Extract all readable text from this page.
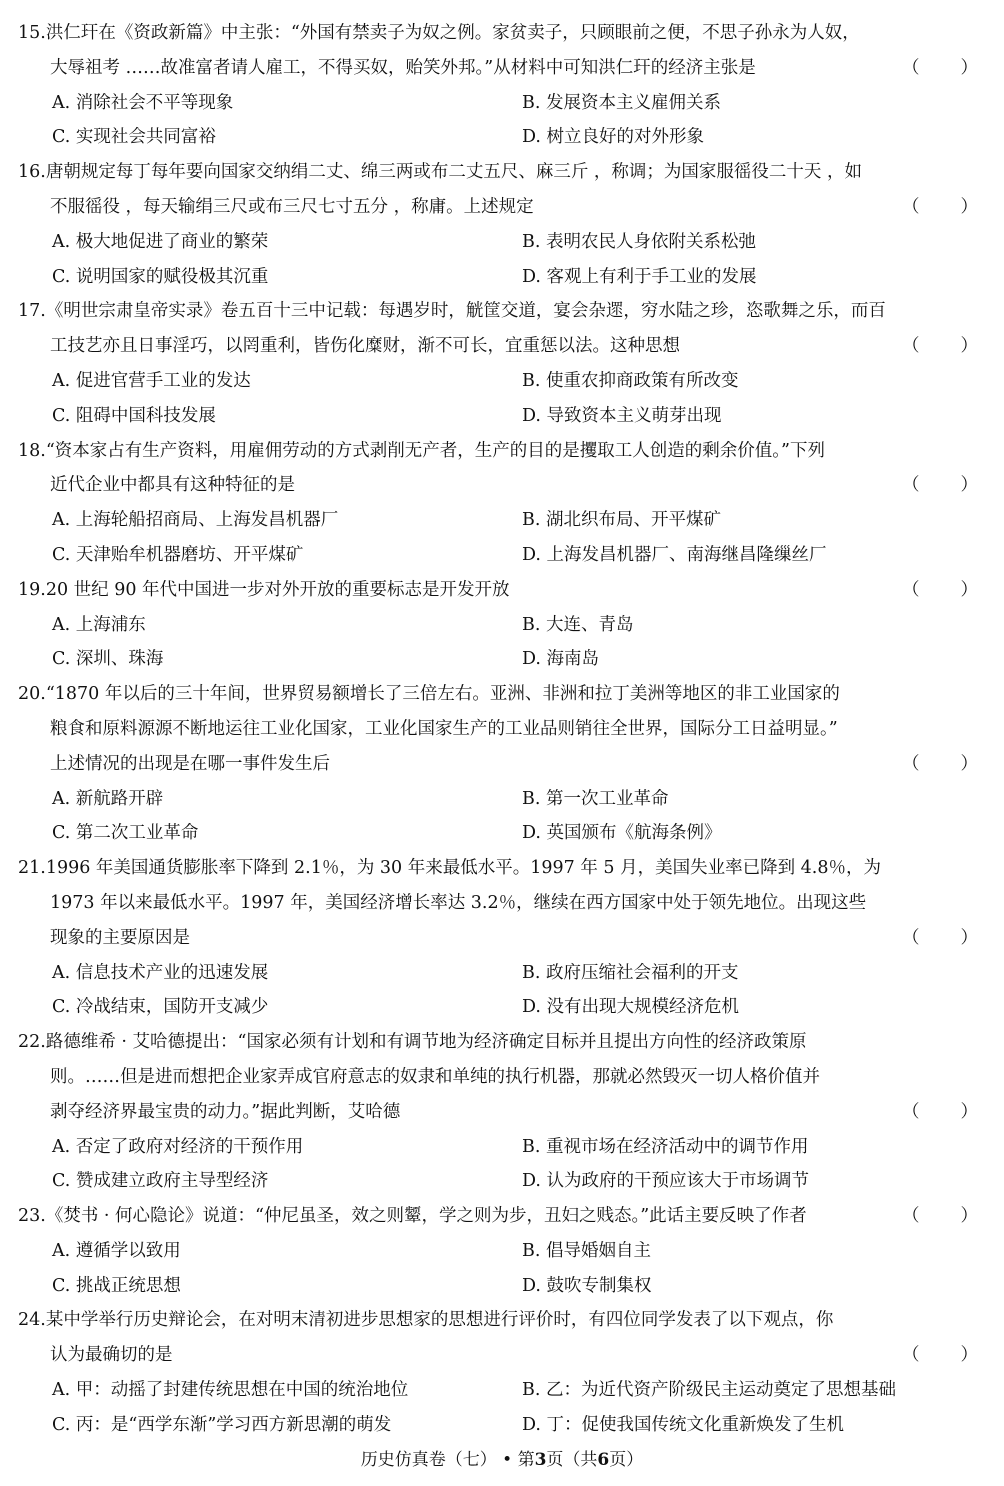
15.洪仁玕在《资政新篇》中主张：“外国有禁卖子为奴之例。家贫卖子，只顾眼前之便，不思子孙永为人奴，
大辱祖考 ……故准富者请人雇工，不得买奴，贻笑外邦。”从材料中可知洪仁玕的经济主张是	（　　）
A. 消除社会不平等现象	B. 发展资本主义雇佣关系
C. 实现社会共同富裕	D. 树立良好的对外形象
16.唐朝规定每丁每年要向国家交纳绢二丈、绵三两或布二丈五尺、麻三斤 ，称调；为国家服徭役二十天 ，如
不服徭役 ，每天输绢三尺或布三尺七寸五分 ，称庸。上述规定	（　　）
A. 极大地促进了商业的繁荣	B. 表明农民人身依附关系松弛
C. 说明国家的赋役极其沉重	D. 客观上有利于手工业的发展
17.《明世宗肃皇帝实录》卷五百十三中记载：每遇岁时，觥筐交道，宴会杂遝，穷水陆之珍，恣歌舞之乐，而百
工技艺亦且日事淫巧，以罔重利，皆伤化糜财，渐不可长，宜重惩以法。这种思想	（　　）
A. 促进官营手工业的发达	B. 使重农抑商政策有所改变
C. 阻碍中国科技发展	D. 导致资本主义萌芽出现
18.“资本家占有生产资料，用雇佣劳动的方式剥削无产者，生产的目的是攫取工人创造的剩余价值。”下列
近代企业中都具有这种特征的是	（　　）
A. 上海轮船招商局、上海发昌机器厂	B. 湖北织布局、开平煤矿
C. 天津贻牟机器磨坊、开平煤矿	D. 上海发昌机器厂、南海继昌隆缫丝厂
19.20 世纪 90 年代中国进一步对外开放的重要标志是开发开放	（　　）
A. 上海浦东	B. 大连、青岛
C. 深圳、珠海	D. 海南岛
20.“1870 年以后的三十年间，世界贸易额增长了三倍左右。亚洲、非洲和拉丁美洲等地区的非工业国家的
粮食和原料源源不断地运往工业化国家，工业化国家生产的工业品则销往全世界，国际分工日益明显。”
上述情况的出现是在哪一事件发生后	（　　）
A. 新航路开辟	B. 第一次工业革命
C. 第二次工业革命	D. 英国颁布《航海条例》
21.1996 年美国通货膨胀率下降到 2.1％，为 30 年来最低水平。1997 年 5 月，美国失业率已降到 4.8％，为
1973 年以来最低水平。1997 年，美国经济增长率达 3.2％，继续在西方国家中处于领先地位。出现这些
现象的主要原因是	（　　）
A. 信息技术产业的迅速发展	B. 政府压缩社会福利的开支
C. 冷战结束，国防开支减少	D. 没有出现大规模经济危机
22.路德维希 · 艾哈德提出：“国家必须有计划和有调节地为经济确定目标并且提出方向性的经济政策原
则。……但是进而想把企业家弄成官府意志的奴隶和单纯的执行机器，那就必然毁灭一切人格价值并
剥夺经济界最宝贵的动力。”据此判断，艾哈德	（　　）
A. 否定了政府对经济的干预作用	B. 重视市场在经济活动中的调节作用
C. 赞成建立政府主导型经济	D. 认为政府的干预应该大于市场调节
23.《焚书 · 何心隐论》说道：“仲尼虽圣，效之则颦，学之则为步，丑妇之贱态。”此话主要反映了作者	（　　）
A. 遵循学以致用	B. 倡导婚姻自主
C. 挑战正统思想	D. 鼓吹专制集权
24.某中学举行历史辩论会，在对明末清初进步思想家的思想进行评价时，有四位同学发表了以下观点，你
认为最确切的是	（　　）
A. 甲：动摇了封建传统思想在中国的统治地位	B. 乙：为近代资产阶级民主运动奠定了思想基础
C. 丙：是“西学东渐”学习西方新思潮的萌发	D. 丁：促使我国传统文化重新焕发了生机
历史仿真卷（七） • 第3页（共6页）
